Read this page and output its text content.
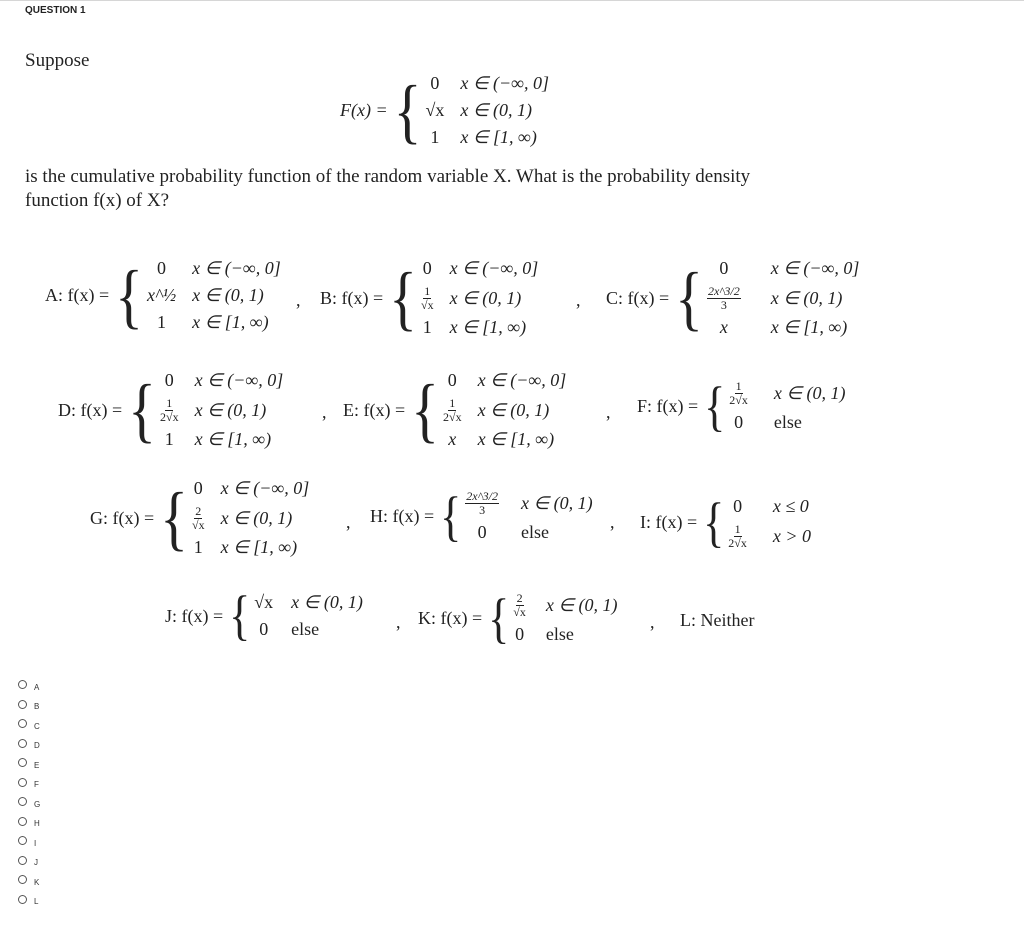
QUESTION 1
Suppose
F(x) = { 0 x ∈ (−∞, 0]
√x x ∈ (0, 1)
1 x ∈ [1, ∞)
is the cumulative probability function of the random variable X. What is the probability density
function f(x) of X?
A: f(x) = { 0	x ∈ (−∞, 0]
x^½ x ∈ (0, 1)
1	x ∈ [1, ∞)
, B: f(x) = { 0 x ∈ (−∞, 0]
$\frac{1}{√x}$ x ∈ (0, 1)
1 x ∈ [1, ∞)
, C: f(x) = { 0	x ∈ (−∞, 0]
$\frac{2x\^{}3/2}{3}$ x ∈ (0, 1)
x	x ∈ [1, ∞)
D: f(x) = { 0 x ∈ (−∞, 0]
$\frac{1}{2√x}$ x ∈ (0, 1)
1 x ∈ [1, ∞)
, E: f(x) = { 0 x ∈ (−∞, 0]
$\frac{1}{2√x}$ x ∈ (0, 1)
x x ∈ [1, ∞)
, F: f(x) = { $\frac{1}{2√x}$ x ∈ (0, 1)
0 else
G: f(x) = { 0 x ∈ (−∞, 0]
$\frac{2}{√x}$ x ∈ (0, 1)
1 x ∈ [1, ∞)
, H: f(x) = { $\frac{2x\^{}3/2}{3}$ x ∈ (0, 1)
0	else
, I: f(x) = { 0 x ≤ 0
$\frac{1}{2√x}$ x > 0
J: f(x) = { √x x ∈ (0, 1)
0 else	, K: f(x) = { $\frac{2}{√x}$ x ∈ (0, 1)
0 else
, L: Neither
A
B
C
D
E
F
G
H
I
J
K
L
